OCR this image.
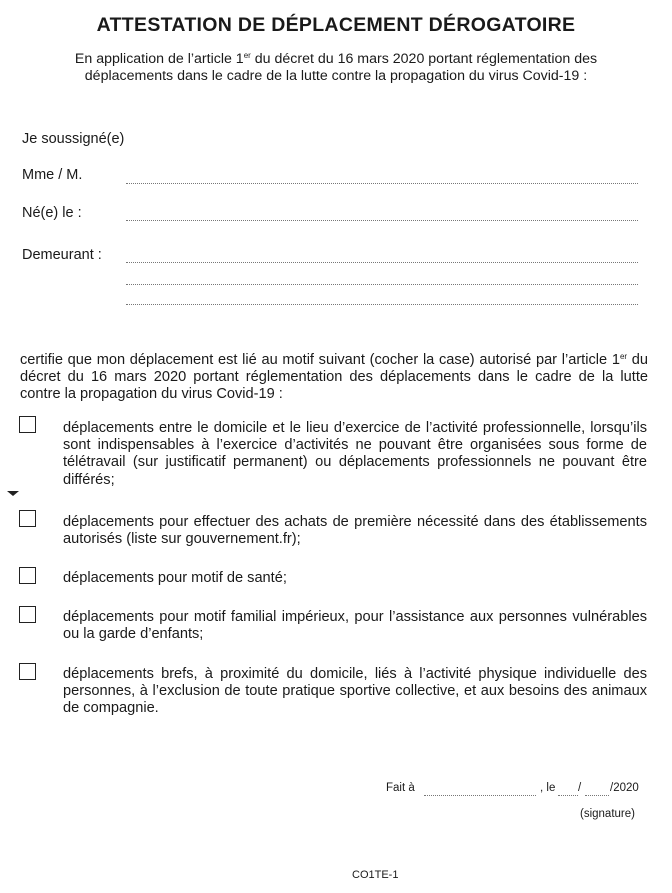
ATTESTATION DE DÉPLACEMENT DÉROGATOIRE
En application de l’article 1er du décret du 16 mars 2020 portant réglementation des
déplacements dans le cadre de la lutte contre la propagation du virus Covid-19 :
Je soussigné(e)
Mme / M.
Né(e) le :
Demeurant :
certifie que mon déplacement est lié au motif suivant (cocher la case) autorisé par l’article 1er du décret du 16 mars 2020 portant réglementation des déplacements dans le cadre de la lutte contre la propagation du virus Covid-19 :
déplacements entre le domicile et le lieu d’exercice de l’activité professionnelle, lorsqu’ils sont indispensables à l’exercice d’activités ne pouvant être organisées sous forme de télétravail (sur justificatif permanent) ou déplacements professionnels ne pouvant être différés;
déplacements pour effectuer des achats de première nécessité dans des établissements autorisés (liste sur gouvernement.fr);
déplacements pour motif de santé;
déplacements pour motif familial impérieux, pour l’assistance aux personnes vulnérables ou la garde d’enfants;
déplacements brefs, à proximité du domicile, liés à l’activité physique individuelle des personnes, à l’exclusion de toute pratique sportive collective, et aux besoins des animaux de compagnie.
Fait à	, le /	/2020
(signature)
CO1TE-1
